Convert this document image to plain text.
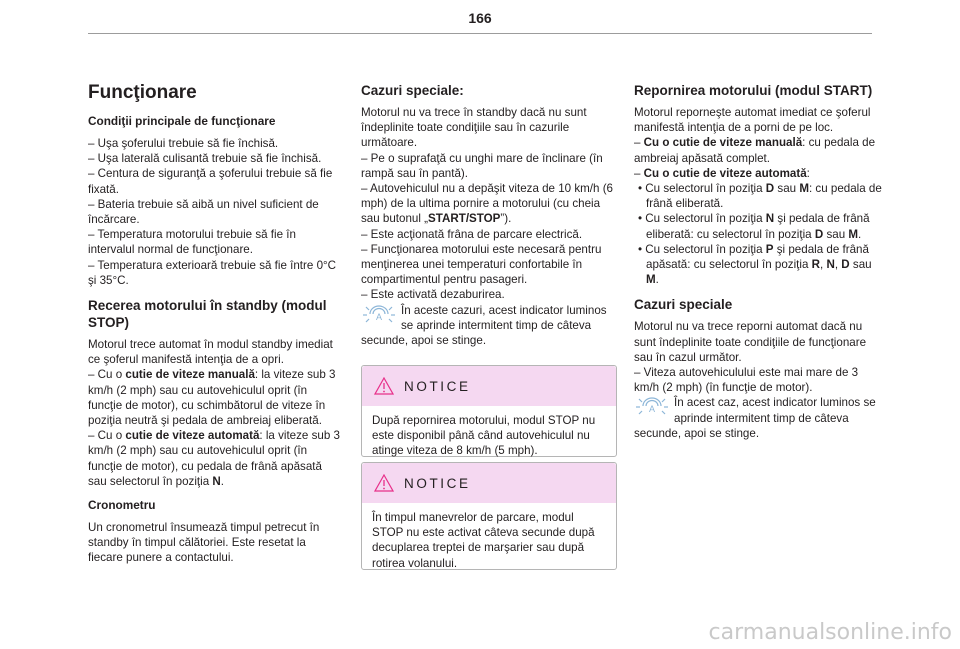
166
Funcţionare
Condiţii principale de funcţionare

– Uşa şoferului trebuie să fie închisă.

– Uşa laterală culisantă trebuie să fie închisă.

– Centura de siguranţă a şoferului trebuie să fie fixată.

– Bateria trebuie să aibă un nivel suficient de încărcare.

– Temperatura motorului trebuie să fie în intervalul normal de funcţionare.

– Temperatura exterioară trebuie să fie între 0°C şi 35°C.

Recerea motorului în standby (modul STOP)

Motorul trece automat în modul standby imediat ce şoferul manifestă intenţia de a opri.

– Cu o cutie de viteze manuală: la viteze sub 3 km/h (2 mph) sau cu autovehiculul oprit (în funcţie de motor), cu schimbătorul de viteze în poziţia neutră şi pedala de ambreiaj eliberată.

– Cu o cutie de viteze automată: la viteze sub 3 km/h (2 mph) sau cu autovehiculul oprit (în funcţie de motor), cu pedala de frână apăsată sau selectorul în poziţia N.

Cronometru

Un cronometrul însumează timpul petrecut în standby în timpul călătoriei. Este resetat la fiecare punere a contactului.

Cazuri speciale:

Motorul nu va trece în standby dacă nu sunt îndeplinite toate condiţiile sau în cazurile următoare.

– Pe o suprafaţă cu unghi mare de înclinare (în rampă sau în pantă).

– Autovehiculul nu a depăşit viteza de 10 km/h (6 mph) de la ultima pornire a motorului (cu cheia sau butonul „START/STOP”).

– Este acţionată frâna de parcare electrică.

– Funcţionarea motorului este necesară pentru menţinerea unei temperaturi confortabile în compartimentul pentru pasageri.

– Este activată dezaburirea.

A În aceste cazuri, acest indicator luminos se aprinde intermitent timp de câteva secunde, apoi se stinge.

NOTICE
După repornirea motorului, modul STOP nu este disponibil până când autovehiculul nu atinge viteza de 8 km/h (5 mph).
NOTICE
În timpul manevrelor de parcare, modul STOP nu este activat câteva secunde după decuplarea treptei de marşarier sau după rotirea volanului.
Repornirea motorului (modul START)

Motorul reporneşte automat imediat ce şoferul manifestă intenţia de a porni de pe loc.

– Cu o cutie de viteze manuală: cu pedala de ambreiaj apăsată complet.

– Cu o cutie de viteze automată:

• Cu selectorul în poziţia D sau M: cu pedala de frână eliberată.

• Cu selectorul în poziţia N şi pedala de frână eliberată: cu selectorul în poziţia D sau M.

• Cu selectorul în poziţia P şi pedala de frână apăsată: cu selectorul în poziţia R, N, D sau M.

Cazuri speciale

Motorul nu va trece reporni automat dacă nu sunt îndeplinite toate condiţiile de funcţionare sau în cazul următor.

– Viteza autovehiculului este mai mare de 3 km/h (2 mph) (în funcţie de motor).

A În acest caz, acest indicator luminos se aprinde intermitent timp de câteva secunde, apoi se stinge.

carmanualsonline.info
